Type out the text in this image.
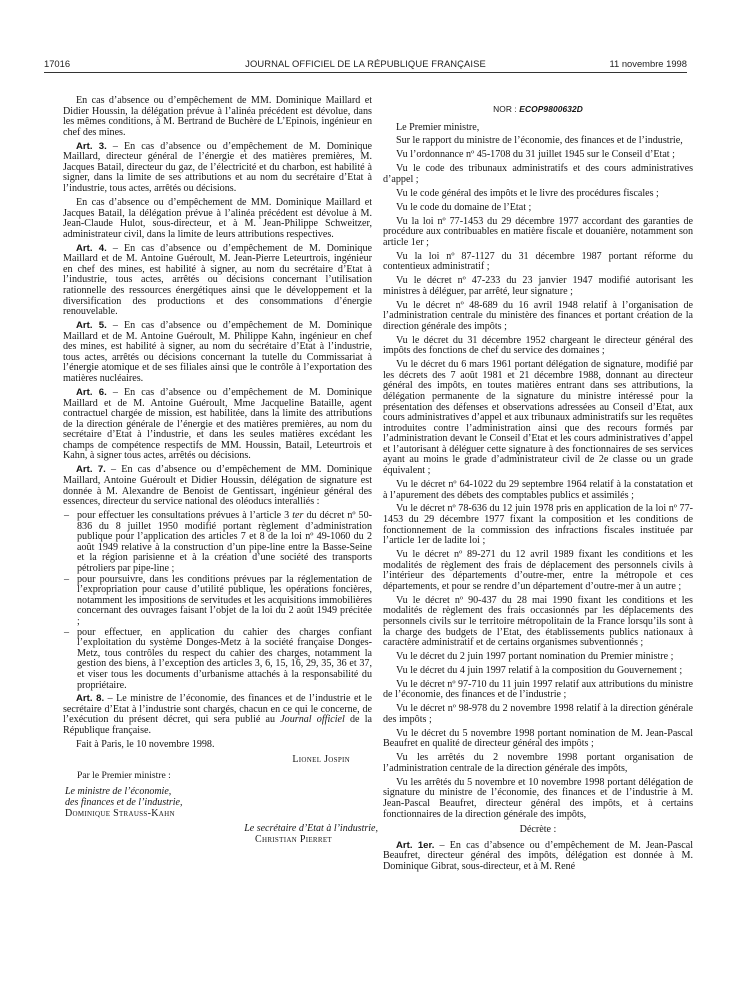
17016	JOURNAL OFFICIEL DE LA RÉPUBLIQUE FRANÇAISE	11 novembre 1998

En cas d’absence ou d’empêchement de MM. Dominique Maillard et Didier Houssin, la délégation prévue à l’alinéa précédent est dévolue, dans les mêmes conditions, à M. Bertrand de Buchère de L’Epinois, ingénieur en chef des mines.

Art. 3. – En cas d’absence ou d’empêchement de M. Dominique Maillard, directeur général de l’énergie et des matières premières, M. Jacques Batail, directeur du gaz, de l’électricité et du charbon, est habilité à signer, dans la limite de ses attributions et au nom du secrétaire d’Etat à l’industrie, tous actes, arrêtés ou décisions.

En cas d’absence ou d’empêchement de MM. Dominique Maillard et Jacques Batail, la délégation prévue à l’alinéa précédent est dévolue à M. Jean-Claude Hulot, sous-directeur, et à M. Jean-Philippe Schweitzer, administrateur civil, dans la limite de leurs attributions respectives.

Art. 4. – En cas d’absence ou d’empêchement de M. Dominique Maillard et de M. Antoine Guéroult, M. Jean-Pierre Leteurtrois, ingénieur en chef des mines, est habilité à signer, au nom du secrétaire d’Etat à l’industrie, tous actes, arrêtés ou décisions concernant l’utilisation rationnelle des ressources énergétiques ainsi que le développement et la diversification des productions et des consommations d’énergie renouvelable.

Art. 5. – En cas d’absence ou d’empêchement de M. Dominique Maillard et de M. Antoine Guéroult, M. Philippe Kahn, ingénieur en chef des mines, est habilité à signer, au nom du secrétaire d’Etat à l’industrie, tous actes, arrêtés ou décisions concernant la tutelle du Commissariat à l’énergie atomique et de ses filiales ainsi que le contrôle à l’exportation des matières nucléaires.

Art. 6. – En cas d’absence ou d’empêchement de M. Dominique Maillard et de M. Antoine Guéroult, Mme Jacqueline Bataille, agent contractuel chargée de mission, est habilitée, dans la limite des attributions de la direction générale de l’énergie et des matières premières, au nom du secrétaire d’Etat à l’industrie, et dans les seules matières excédant les champs de compétence respectifs de MM. Houssin, Batail, Leteurtrois et Kahn, à signer tous actes, arrêtés ou décisions.

Art. 7. – En cas d’absence ou d’empêchement de MM. Dominique Maillard, Antoine Guéroult et Didier Houssin, délégation de signature est donnée à M. Alexandre de Benoist de Gentissart, ingénieur général des essences, directeur du service national des oléoducs interalliés :

– pour effectuer les consultations prévues à l’article 3 ter du décret nº 50-836 du 8 juillet 1950 modifié portant règlement d’administration publique pour l’application des articles 7 et 8 de la loi nº 49-1060 du 2 août 1949 relative à la construction d’un pipe-line entre la Basse-Seine et la région parisienne et à la création d’une société des transports pétroliers par pipe-line ;
– pour poursuivre, dans les conditions prévues par la réglementation de l’expropriation pour cause d’utilité publique, les opérations foncières, notamment les impositions de servitudes et les acquisitions immobilières concernant des ouvrages faisant l’objet de la loi du 2 août 1949 précitée ;
– pour effectuer, en application du cahier des charges confiant l’exploitation du système Donges-Metz à la société française Donges-Metz, tous contrôles du respect du cahier des charges, notamment la gestion des biens, à l’exception des articles 3, 6, 15, 16, 29, 35, 36 et 37, et viser tous les documents d’urbanisme attachés à la responsabilité du propriétaire.

Art. 8. – Le ministre de l’économie, des finances et de l’industrie et le secrétaire d’Etat à l’industrie sont chargés, chacun en ce qui le concerne, de l’exécution du présent décret, qui sera publié au Journal officiel de la République française.

Fait à Paris, le 10 novembre 1998.

Lionel Jospin
Par le Premier ministre :
Le ministre de l’économie,
des finances et de l’industrie,
Dominique Strauss-Kahn
Le secrétaire d’Etat à l’industrie,
Christian Pierret
NOR : ECOP9800632D

Le Premier ministre,

Sur le rapport du ministre de l’économie, des finances et de l’industrie,

Vu l’ordonnance nº 45-1708 du 31 juillet 1945 sur le Conseil d’Etat ;

Vu le code des tribunaux administratifs et des cours administratives d’appel ;

Vu le code général des impôts et le livre des procédures fiscales ;

Vu le code du domaine de l’Etat ;

Vu la loi nº 77-1453 du 29 décembre 1977 accordant des garanties de procédure aux contribuables en matière fiscale et douanière, notamment son article 1er ;

Vu la loi nº 87-1127 du 31 décembre 1987 portant réforme du contentieux administratif ;

Vu le décret nº 47-233 du 23 janvier 1947 modifié autorisant les ministres à déléguer, par arrêté, leur signature ;

Vu le décret nº 48-689 du 16 avril 1948 relatif à l’organisation de l’administration centrale du ministère des finances et portant création de la direction générale des impôts ;

Vu le décret du 31 décembre 1952 chargeant le directeur général des impôts des fonctions de chef du service des domaines ;

Vu le décret du 6 mars 1961 portant délégation de signature, modifié par les décrets des 7 août 1981 et 21 décembre 1988, donnant au directeur général des impôts, en toutes matières entrant dans ses attributions, la délégation permanente de la signature du ministre intéressé pour la présentation des défenses et observations adressées au Conseil d’Etat, aux cours administratives d’appel et aux tribunaux administratifs sur les requêtes introduites contre l’administration ainsi que des recours formés par l’administration devant le Conseil d’Etat et les cours administratives d’appel et l’autorisant à déléguer cette signature à des fonctionnaires de ses services ayant au moins le grade d’administrateur civil de 2e classe ou un grade équivalent ;

Vu le décret nº 64-1022 du 29 septembre 1964 relatif à la constatation et à l’apurement des débets des comptables publics et assimilés ;

Vu le décret nº 78-636 du 12 juin 1978 pris en application de la loi nº 77-1453 du 29 décembre 1977 fixant la composition et les conditions de fonctionnement de la commission des infractions fiscales instituée par l’article 1er de ladite loi ;

Vu le décret nº 89-271 du 12 avril 1989 fixant les conditions et les modalités de règlement des frais de déplacement des personnels civils à l’intérieur des départements d’outre-mer, entre la métropole et ces départements, et pour se rendre d’un département d’outre-mer à un autre ;

Vu le décret nº 90-437 du 28 mai 1990 fixant les conditions et les modalités de règlement des frais occasionnés par les déplacements des personnels civils sur le territoire métropolitain de la France lorsqu’ils sont à la charge des budgets de l’Etat, des établissements publics nationaux à caractère administratif et de certains organismes subventionnés ;

Vu le décret du 2 juin 1997 portant nomination du Premier ministre ;

Vu le décret du 4 juin 1997 relatif à la composition du Gouvernement ;

Vu le décret nº 97-710 du 11 juin 1997 relatif aux attributions du ministre de l’économie, des finances et de l’industrie ;

Vu le décret nº 98-978 du 2 novembre 1998 relatif à la direction générale des impôts ;

Vu le décret du 5 novembre 1998 portant nomination de M. Jean-Pascal Beaufret en qualité de directeur général des impôts ;

Vu les arrêtés du 2 novembre 1998 portant organisation de l’administration centrale de la direction générale des impôts,

Vu les arrêtés du 5 novembre et 10 novembre 1998 portant délégation de signature du ministre de l’économie, des finances et de l’industrie à M. Jean-Pascal Beaufret, directeur général des impôts, et à certains fonctionnaires de la direction générale des impôts,

Décrète :

Art. 1er. – En cas d’absence ou d’empêchement de M. Jean-Pascal Beaufret, directeur général des impôts, délégation est donnée à M. Dominique Gibrat, sous-directeur, et à M. René
